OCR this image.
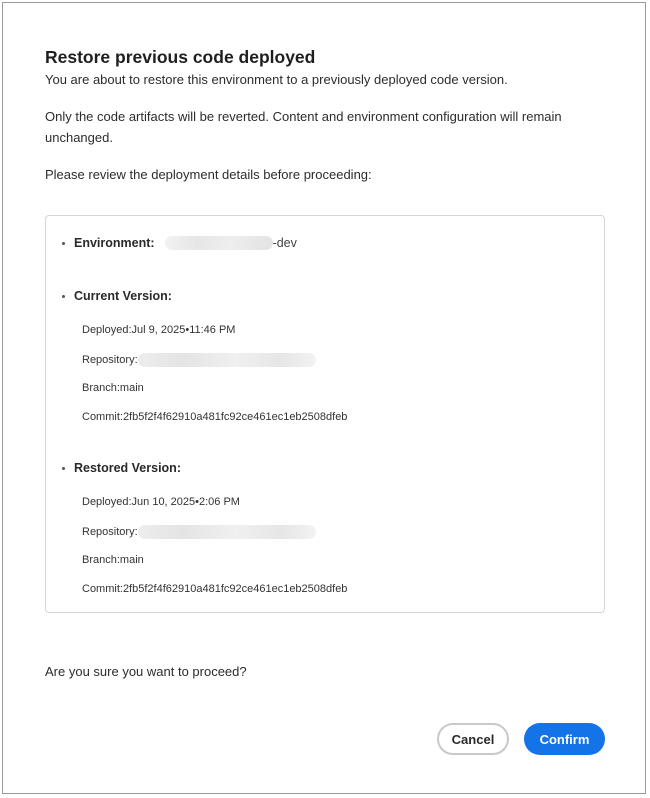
Restore previous code deployed

You are about to restore this environment to a previously deployed code version.

Only the code artifacts will be reverted. Content and environment configuration will remain unchanged.

Please review the deployment details before proceeding:

Environment:	-dev
Current Version:
Deployed:Jul 9, 2025•11:46 PM
Repository:
Branch:main
Commit:2fb5f2f4f62910a481fc92ce461ec1eb2508dfeb
Restored Version:
Deployed:Jun 10, 2025•2:06 PM
Repository:
Branch:main
Commit:2fb5f2f4f62910a481fc92ce461ec1eb2508dfeb

Are you sure you want to proceed?

Cancel	Confirm
